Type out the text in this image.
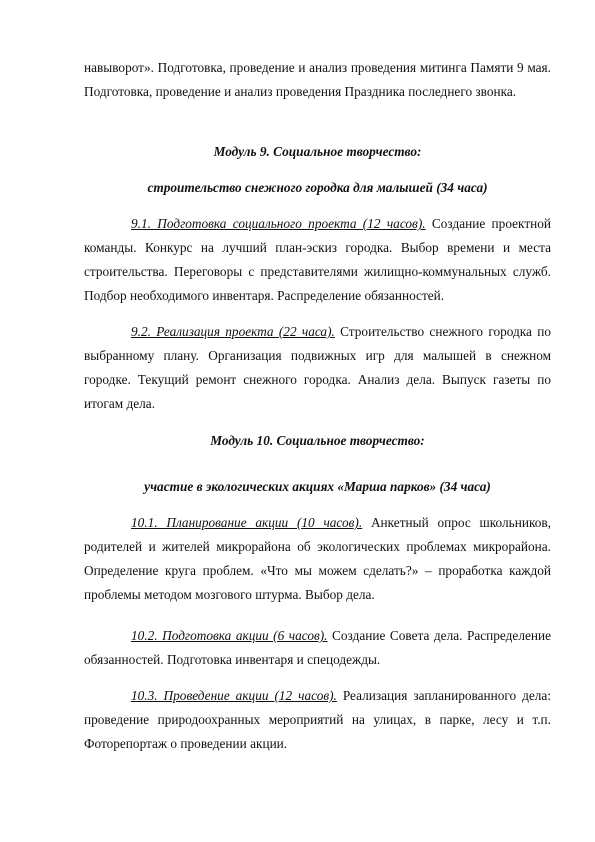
навыворот». Подготовка, проведение и анализ проведения митинга Памяти 9 мая. Подготовка, проведение и анализ проведения Праздника последнего звонка.

Модуль 9. Социальное творчество:

строительство снежного городка для малышей (34 часа)

9.1. Подготовка социального проекта (12 часов). Создание проектной команды. Конкурс на лучший план-эскиз городка. Выбор времени и места строительства. Переговоры с представителями жилищно-коммунальных служб. Подбор необходимого инвентаря. Распределение обязанностей.

9.2. Реализация проекта (22 часа). Строительство снежного городка по выбранному плану. Организация подвижных игр для малышей в снежном городке. Текущий ремонт снежного городка. Анализ дела. Выпуск газеты по итогам дела.

Модуль 10. Социальное творчество:

участие в экологических акциях «Марша парков» (34 часа)

10.1. Планирование акции (10 часов). Анкетный опрос школьников, родителей и жителей микрорайона об экологических проблемах микрорайона. Определение круга проблем. «Что мы можем сделать?» – проработка каждой проблемы методом мозгового штурма. Выбор дела.

10.2. Подготовка акции (6 часов). Создание Совета дела. Распределение обязанностей. Подготовка инвентаря и спецодежды.

10.3. Проведение акции (12 часов). Реализация запланированного дела: проведение природоохранных мероприятий на улицах, в парке, лесу и т.п. Фоторепортаж о проведении акции.
